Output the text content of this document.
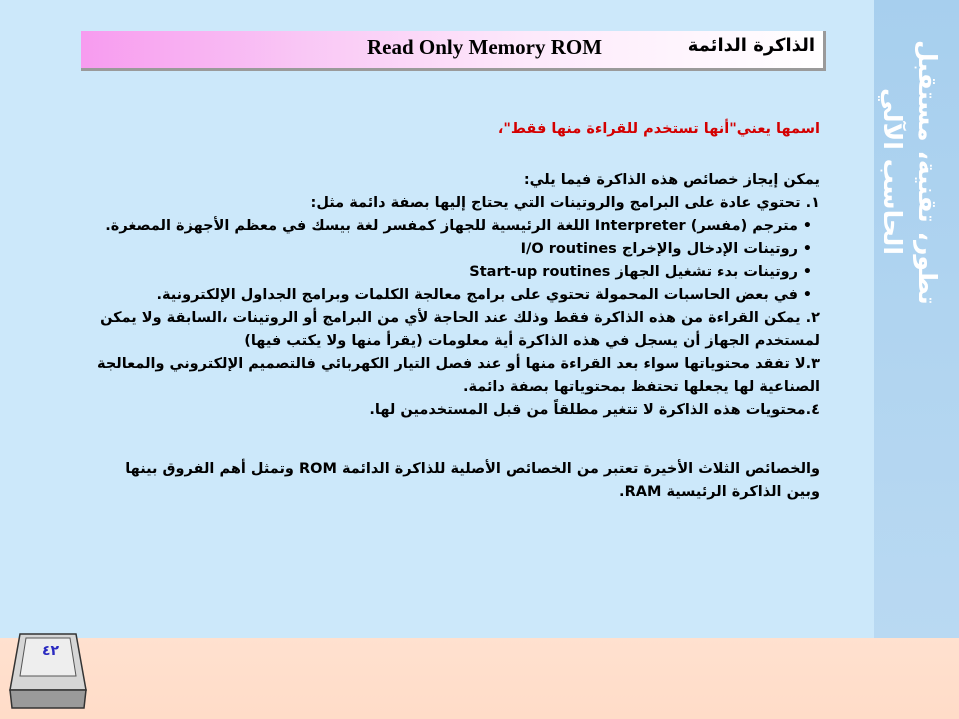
تطور، تقنية، مستقبل
الحاسب الآلي
Read Only Memory ROM	الذاكرة الدائمة

اسمها يعني"أنها تستخدم للقراءة منها فقط"،

يمكن إيجاز خصائص هذه الذاكرة فيما يلي:

١. تحتوي عادة على البرامج والروتينات التي يحتاج إليها بصفة دائمة مثل:

• مترجم (مفسر) Interpreter اللغة الرئيسية للجهاز كمفسر لغة بيسك في معظم الأجهزة المصغرة.
• روتينات الإدخال والإخراج I/O routines
• روتينات بدء تشغيل الجهاز Start-up routines
• في بعض الحاسبات المحمولة تحتوي على برامج معالجة الكلمات وبرامج الجداول الإلكترونية.

٢. يمكن القراءة من هذه الذاكرة فقط وذلك عند الحاجة لأي من البرامج أو الروتينات ،السابقة ولا يمكن لمستخدم الجهاز أن يسجل في هذه الذاكرة أية معلومات (يقرأ منها ولا يكتب فيها)

٣.لا تفقد محتوياتها سواء بعد القراءة منها أو عند فصل التيار الكهربائي فالتصميم الإلكتروني والمعالجة الصناعية لها يجعلها تحتفظ بمحتوياتها بصفة دائمة.

٤.محتويات هذه الذاكرة لا تتغير مطلقاً من قبل المستخدمين لها.

والخصائص الثلاث الأخيرة تعتبر من الخصائص الأصلية للذاكرة الدائمة ROM وتمثل أهم الفروق بينها وبين الذاكرة الرئيسية RAM.

٤٢
